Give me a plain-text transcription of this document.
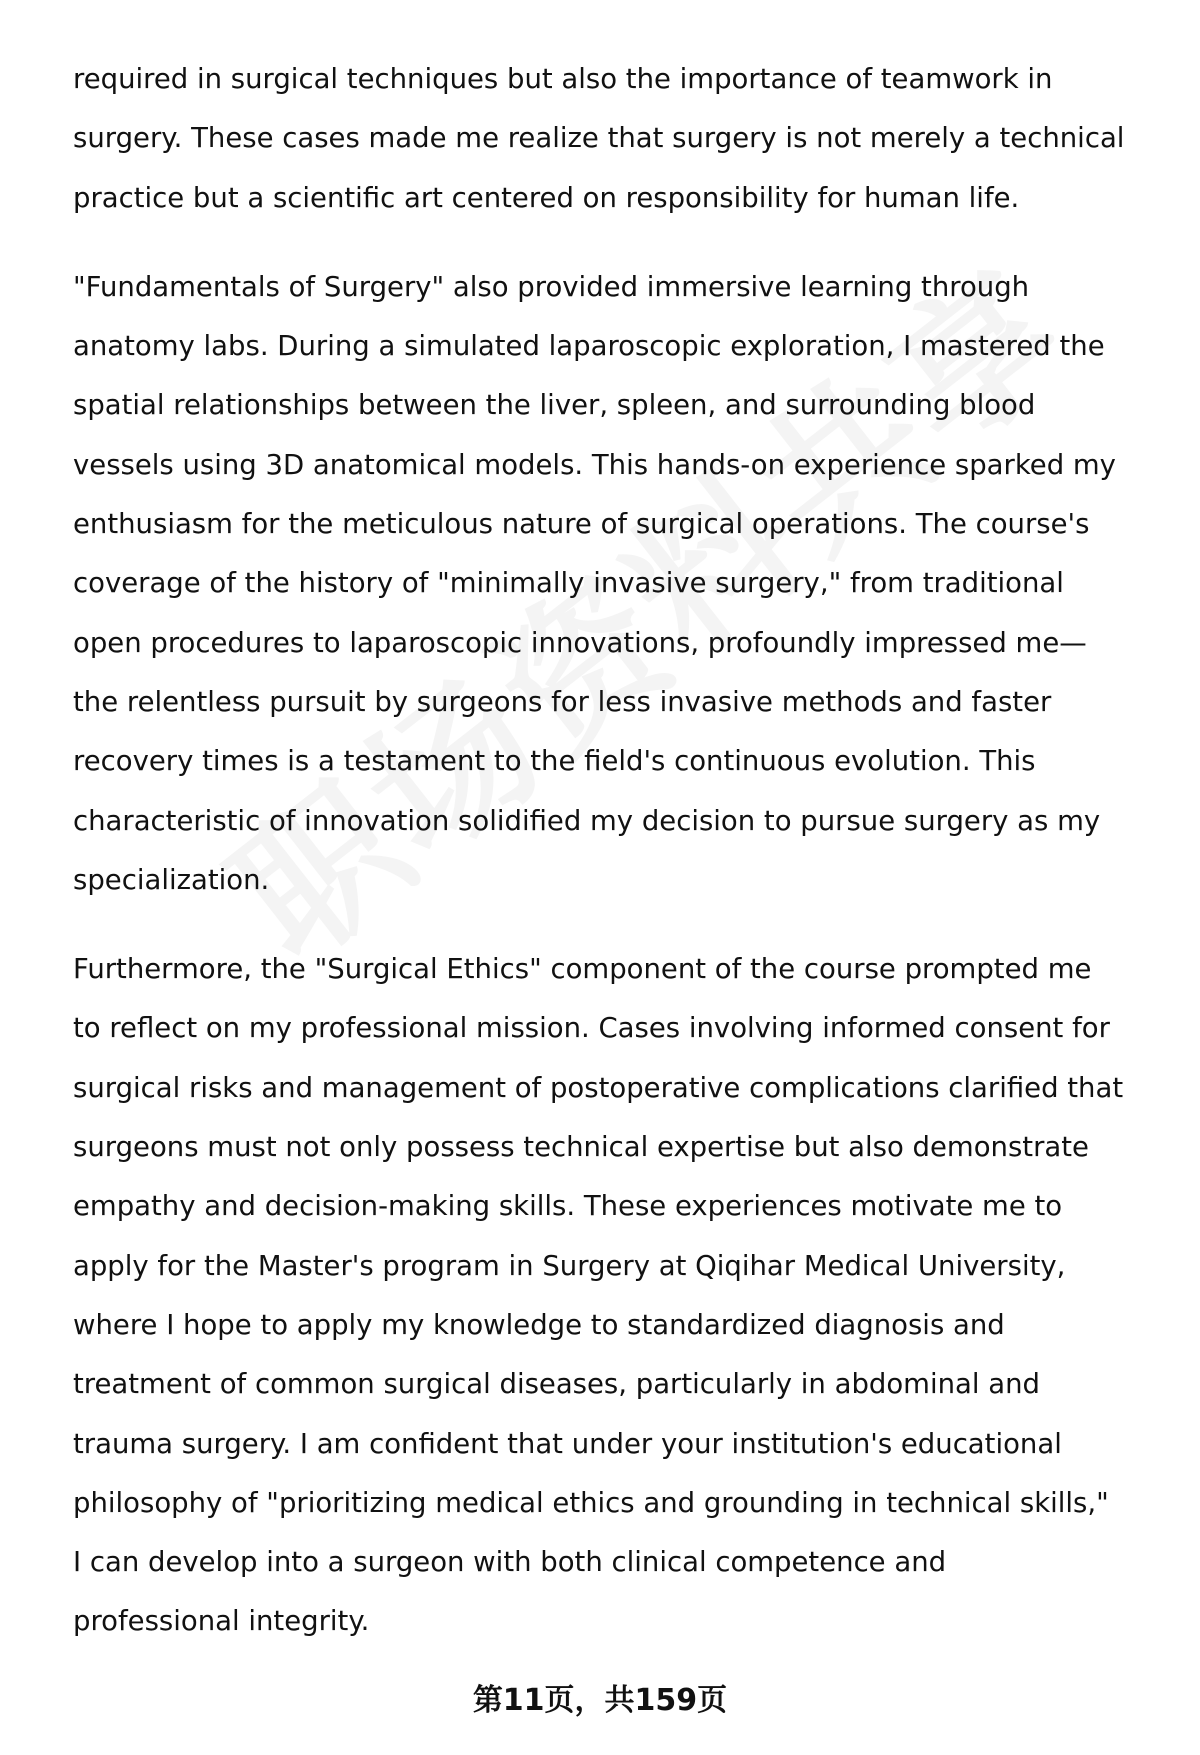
required in surgical techniques but also the importance of teamwork in
surgery. These cases made me realize that surgery is not merely a technical
practice but a scientific art centered on responsibility for human life.

"Fundamentals of Surgery" also provided immersive learning through
anatomy labs. During a simulated laparoscopic exploration, I mastered the
spatial relationships between the liver, spleen, and surrounding blood
vessels using 3D anatomical models. This hands-on experience sparked my
enthusiasm for the meticulous nature of surgical operations. The course's
coverage of the history of "minimally invasive surgery," from traditional
open procedures to laparoscopic innovations, profoundly impressed me—
the relentless pursuit by surgeons for less invasive methods and faster
recovery times is a testament to the field's continuous evolution. This
characteristic of innovation solidified my decision to pursue surgery as my
specialization.

Furthermore, the "Surgical Ethics" component of the course prompted me
to reflect on my professional mission. Cases involving informed consent for
surgical risks and management of postoperative complications clarified that
surgeons must not only possess technical expertise but also demonstrate
empathy and decision-making skills. These experiences motivate me to
apply for the Master's program in Surgery at Qiqihar Medical University,
where I hope to apply my knowledge to standardized diagnosis and
treatment of common surgical diseases, particularly in abdominal and
trauma surgery. I am confident that under your institution's educational
philosophy of "prioritizing medical ethics and grounding in technical skills,"
I can develop into a surgeon with both clinical competence and
professional integrity.

第11页，共159页
